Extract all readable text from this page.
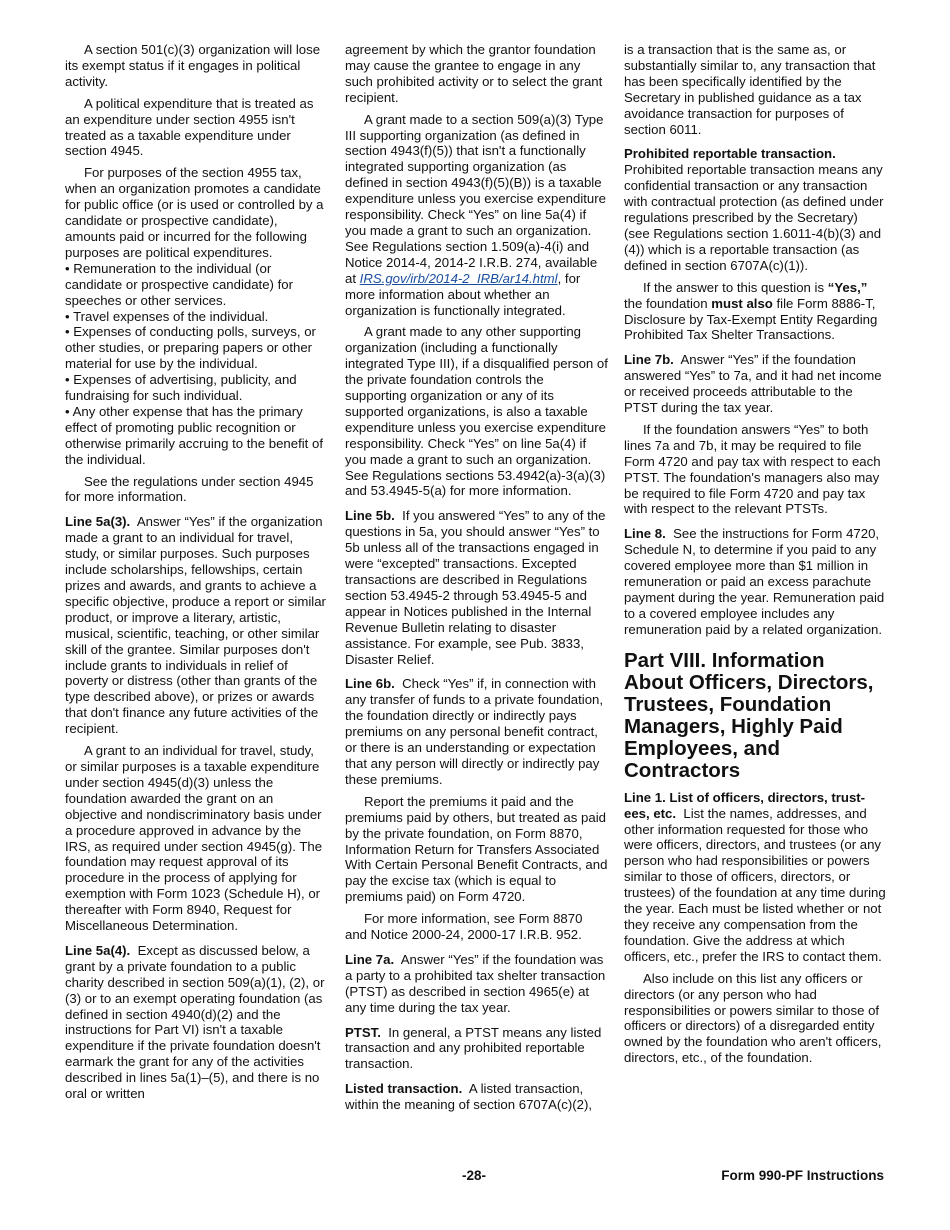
A section 501(c)(3) organization will lose its exempt status if it engages in political activity.

A political expenditure that is treated as an expenditure under section 4955 isn't treated as a taxable expenditure under section 4945.

For purposes of the section 4955 tax, when an organization promotes a candidate for public office (or is used or controlled by a candidate or prospective candidate), amounts paid or incurred for the following purposes are political expenditures.

• Remuneration to the individual (or candidate or prospective candidate) for speeches or other services.
• Travel expenses of the individual.
• Expenses of conducting polls, surveys, or other studies, or preparing papers or other material for use by the individual.
• Expenses of advertising, publicity, and fundraising for such individual.
• Any other expense that has the primary effect of promoting public recognition or otherwise primarily accruing to the benefit of the individual.

See the regulations under section 4945 for more information.

Line 5a(3). Answer “Yes” if the organization made a grant to an individual for travel, study, or similar purposes. Such purposes include scholarships, fellowships, certain prizes and awards, and grants to achieve a specific objective, produce a report or similar product, or improve a literary, artistic, musical, scientific, teaching, or other similar skill of the grantee. Similar purposes don't include grants to individuals in relief of poverty or distress (other than grants of the type described above), or prizes or awards that don't finance any future activities of the recipient.

A grant to an individual for travel, study, or similar purposes is a taxable expenditure under section 4945(d)(3) unless the foundation awarded the grant on an objective and nondiscriminatory basis under a procedure approved in advance by the IRS, as required under section 4945(g). The foundation may request approval of its procedure in the process of applying for exemption with Form 1023 (Schedule H), or thereafter with Form 8940, Request for Miscellaneous Determination.

Line 5a(4). Except as discussed below, a grant by a private foundation to a public charity described in section 509(a)(1), (2), or (3) or to an exempt operating foundation (as defined in section 4940(d)(2) and the instructions for Part VI) isn't a taxable expenditure if the private foundation doesn't earmark the grant for any of the activities described in lines 5a(1)–(5), and there is no oral or written

agreement by which the grantor foundation may cause the grantee to engage in any such prohibited activity or to select the grant recipient.

A grant made to a section 509(a)(3) Type III supporting organization (as defined in section 4943(f)(5)) that isn't a functionally integrated supporting organization (as defined in section 4943(f)(5)(B)) is a taxable expenditure unless you exercise expenditure responsibility. Check “Yes” on line 5a(4) if you made a grant to such an organization. See Regulations section 1.509(a)-4(i) and Notice 2014-4, 2014-2 I.R.B. 274, available at IRS.gov/irb/2014-2_IRB/ar14.html, for more information about whether an organization is functionally integrated.

A grant made to any other supporting organization (including a functionally integrated Type III), if a disqualified person of the private foundation controls the supporting organization or any of its supported organizations, is also a taxable expenditure unless you exercise expenditure responsibility. Check “Yes” on line 5a(4) if you made a grant to such an organization. See Regulations sections 53.4942(a)-3(a)(3) and 53.4945-5(a) for more information.

Line 5b. If you answered “Yes” to any of the questions in 5a, you should answer “Yes” to 5b unless all of the transactions engaged in were “excepted” transactions. Excepted transactions are described in Regulations section 53.4945-2 through 53.4945-5 and appear in Notices published in the Internal Revenue Bulletin relating to disaster assistance. For example, see Pub. 3833, Disaster Relief.

Line 6b. Check “Yes” if, in connection with any transfer of funds to a private foundation, the foundation directly or indirectly pays premiums on any personal benefit contract, or there is an understanding or expectation that any person will directly or indirectly pay these premiums.

Report the premiums it paid and the premiums paid by others, but treated as paid by the private foundation, on Form 8870, Information Return for Transfers Associated With Certain Personal Benefit Contracts, and pay the excise tax (which is equal to premiums paid) on Form 4720.

For more information, see Form 8870 and Notice 2000-24, 2000-17 I.R.B. 952.

Line 7a. Answer “Yes” if the foundation was a party to a prohibited tax shelter transaction (PTST) as described in section 4965(e) at any time during the tax year.

PTST. In general, a PTST means any listed transaction and any prohibited reportable transaction.

Listed transaction. A listed transaction, within the meaning of section 6707A(c)(2),

is a transaction that is the same as, or substantially similar to, any transaction that has been specifically identified by the Secretary in published guidance as a tax avoidance transaction for purposes of section 6011.

Prohibited reportable transaction. Prohibited reportable transaction means any confidential transaction or any transaction with contractual protection (as defined under regulations prescribed by the Secretary) (see Regulations section 1.6011-4(b)(3) and (4)) which is a reportable transaction (as defined in section 6707A(c)(1)).

If the answer to this question is “Yes,” the foundation must also file Form 8886-T, Disclosure by Tax-Exempt Entity Regarding Prohibited Tax Shelter Transactions.

Line 7b. Answer “Yes” if the foundation answered “Yes” to 7a, and it had net income or received proceeds attributable to the PTST during the tax year.

If the foundation answers “Yes” to both lines 7a and 7b, it may be required to file Form 4720 and pay tax with respect to each PTST. The foundation's managers also may be required to file Form 4720 and pay tax with respect to the relevant PTSTs.

Line 8. See the instructions for Form 4720, Schedule N, to determine if you paid to any covered employee more than $1 million in remuneration or paid an excess parachute payment during the year. Remuneration paid to a covered employee includes any remuneration paid by a related organization.

Part VIII. Information About Officers, Directors, Trustees, Foundation Managers, Highly Paid Employees, and Contractors

Line 1. List of officers, directors, trust-ees, etc. List the names, addresses, and other information requested for those who were officers, directors, and trustees (or any person who had responsibilities or powers similar to those of officers, directors, or trustees) of the foundation at any time during the year. Each must be listed whether or not they receive any compensation from the foundation. Give the address at which officers, etc., prefer the IRS to contact them.

Also include on this list any officers or directors (or any person who had responsibilities or powers similar to those of officers or directors) of a disregarded entity owned by the foundation who aren't officers, directors, etc., of the foundation.

-28-	Form 990-PF Instructions
